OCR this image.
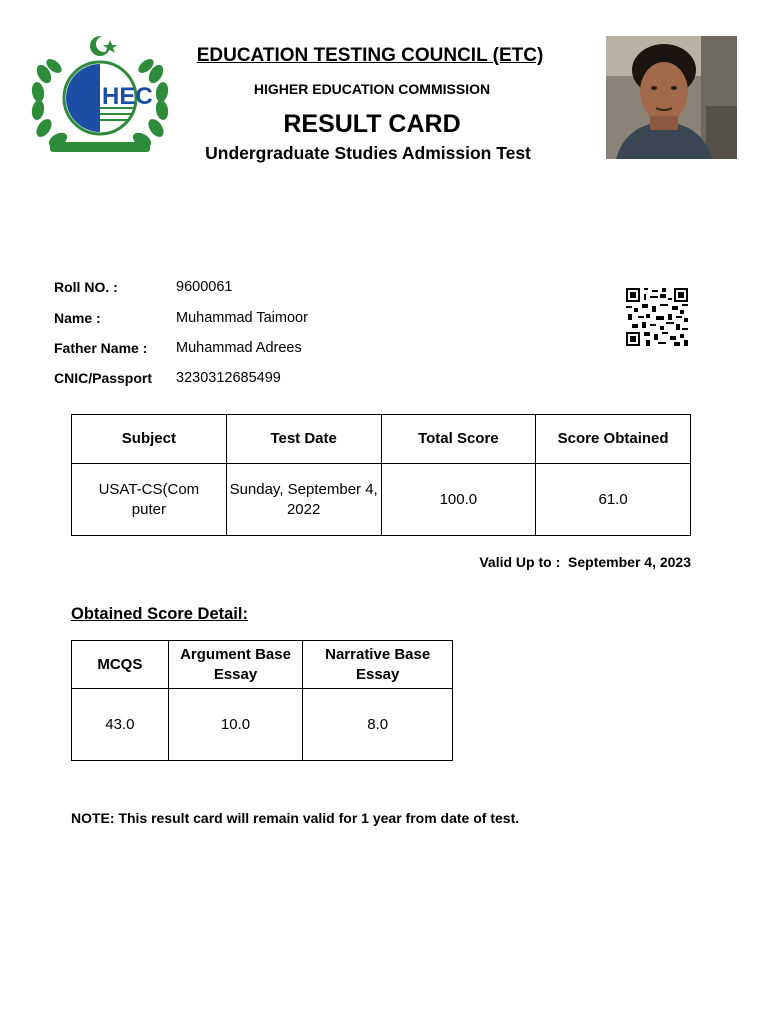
HEC
EDUCATION TESTING COUNCIL (ETC)
HIGHER EDUCATION COMMISSION
RESULT CARD
Undergraduate Studies Admission Test
Roll NO. :	9600061
Name :	Muhammad Taimoor
Father Name : Muhammad Adrees
CNIC/Passport 3230312685499
Subject	Test Date	Total Score	Score Obtained
USAT-CS(Computer	Sunday, September 4, 2022	100.0	61.0
Valid Up to : September 4, 2023
Obtained Score Detail:
MCQS	Argument Base Essay	Narrative Base Essay
43.0	10.0	8.0
NOTE: This result card will remain valid for 1 year from date of test.
